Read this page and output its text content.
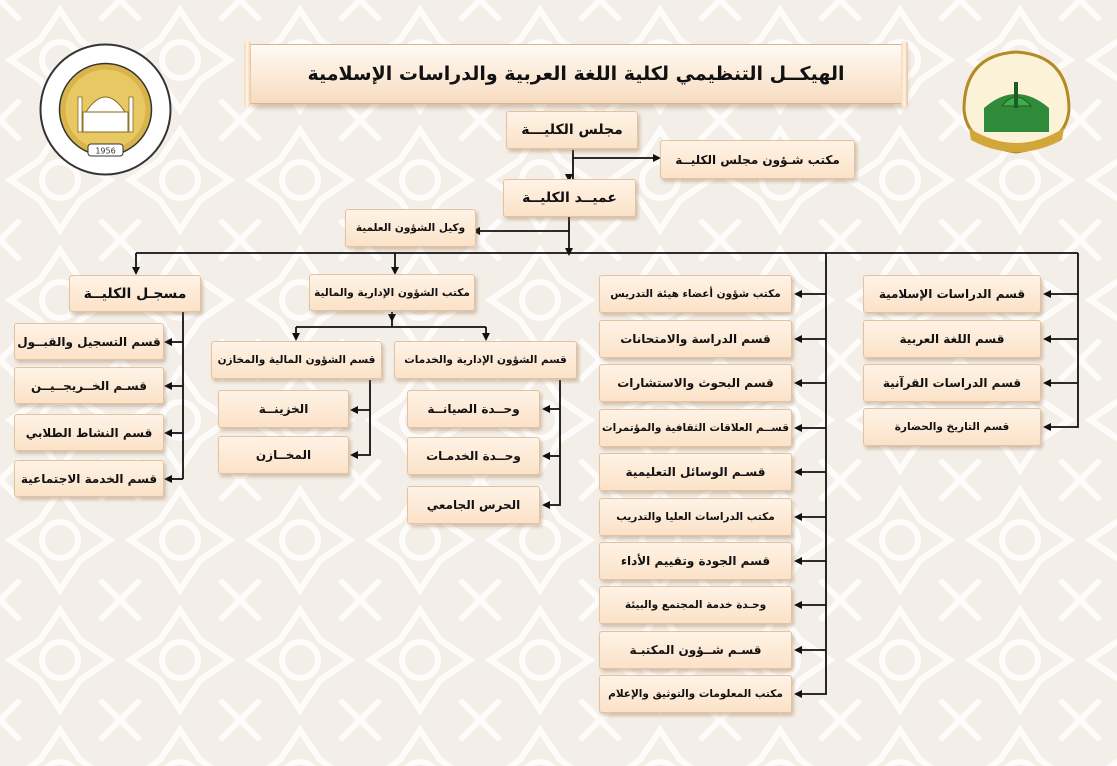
1956
الهيكــل التنظيمي لكلية اللغة العربية والدراسات الإسلامية
مجلس الكليـــة
مكتب شـؤون مجلس الكليــة
عميــد الكليــة
وكيل الشؤون العلمية
مسجـل الكليــة
قسم التسجيل والقبــول
قسـم الخــريجــيــن
قسم النشاط الطلابي
قسم الخدمة الاجتماعية
مكتب الشؤون الإدارية والمالية
قسم الشؤون المالية والمخازن	قسم الشؤون الإدارية والخدمات
الخزينــة
المخــازن
وحــدة الصيانــة
وحــدة الخدمـات
الحرس الجامعي
مكتب شؤون أعضاء هيئة التدريس
قسم الدراسة والامتحانات
قسم البحوث والاستشارات
قســم العلاقات الثقافية والمؤتمرات
قسـم الوسائل التعليمية
مكتب الدراسات العليا والتدريب
قسم الجودة وتقييم الأداء
وحـدة خدمة المجتمع والبيئة
قسـم شــؤون المكتبـة
مكتب المعلومات والتوثيق والإعلام
قسم الدراسات الإسلامية
قسم اللغة العربية
قسم الدراسات القرآنية
قسم التاريخ والحضارة
